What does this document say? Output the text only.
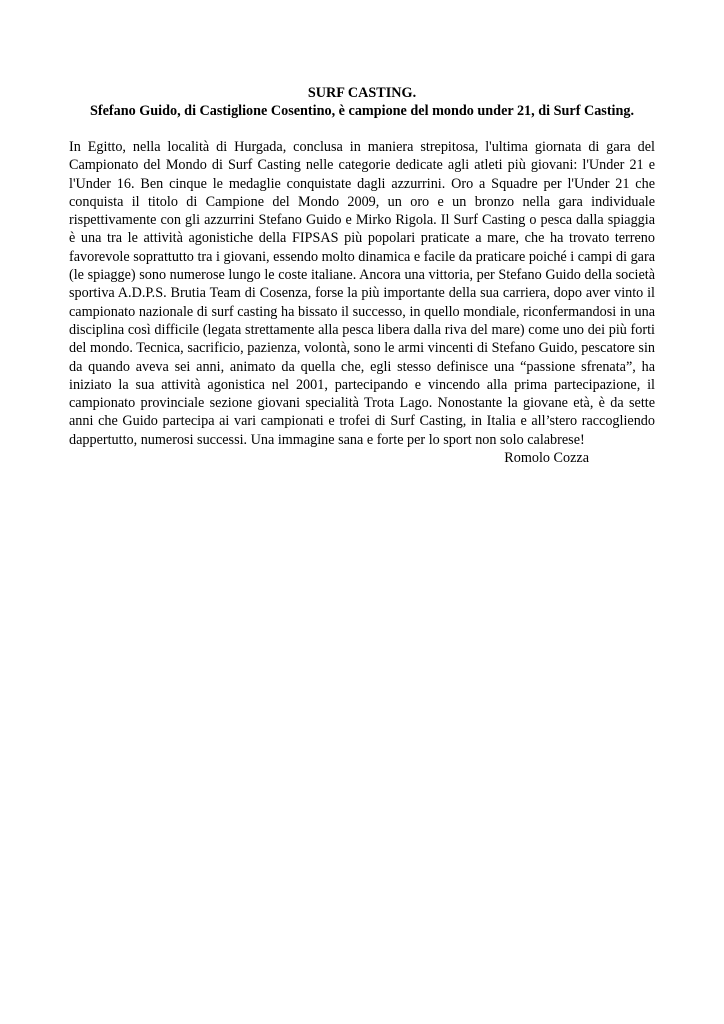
SURF CASTING.

Sfefano Guido, di Castiglione Cosentino, è campione del mondo under 21, di Surf Casting.

In Egitto, nella località di Hurgada, conclusa in maniera strepitosa, l'ultima giornata di gara del Campionato del Mondo di Surf Casting nelle categorie dedicate agli atleti più giovani: l'Under 21 e l'Under 16. Ben cinque le medaglie conquistate dagli azzurrini. Oro a Squadre per l'Under 21 che conquista il titolo di Campione del Mondo 2009, un oro e un bronzo nella gara individuale rispettivamente con gli azzurrini Stefano Guido e Mirko Rigola. Il Surf Casting o pesca dalla spiaggia è una tra le attività agonistiche della FIPSAS più popolari praticate a mare, che ha trovato terreno favorevole soprattutto tra i giovani, essendo molto dinamica e facile da praticare poiché i campi di gara (le spiagge) sono numerose lungo le coste italiane. Ancora una vittoria, per Stefano Guido della società sportiva A.D.P.S. Brutia Team di Cosenza, forse la più importante della sua carriera, dopo aver vinto il campionato nazionale di surf casting ha bissato il successo, in quello mondiale, riconfermandosi in una disciplina così difficile (legata strettamente alla pesca libera dalla riva del mare) come uno dei più forti del mondo. Tecnica, sacrificio, pazienza, volontà, sono le armi vincenti di Stefano Guido, pescatore sin da quando aveva sei anni, animato da quella che, egli stesso definisce una “passione sfrenata”, ha iniziato la sua attività agonistica nel 2001, partecipando e vincendo alla prima partecipazione, il campionato provinciale sezione giovani specialità Trota Lago. Nonostante la giovane età, è da sette anni che Guido partecipa ai vari campionati e trofei di Surf Casting, in Italia e all’stero raccogliendo dappertutto, numerosi successi. Una immagine sana e forte per lo sport non solo calabrese!

Romolo Cozza
